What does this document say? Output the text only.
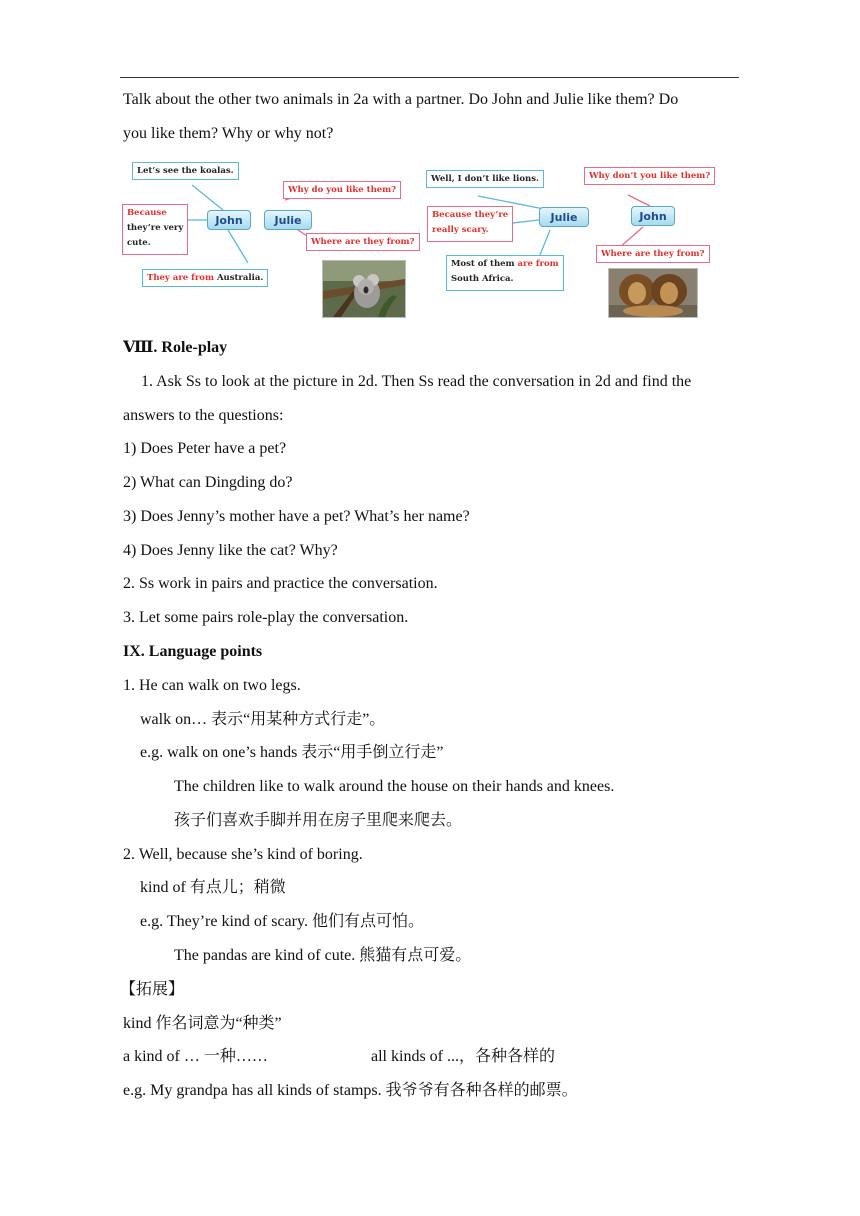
Talk about the other two animals in 2a with a partner. Do John and Julie like them? Do
you like them? Why or why not?
Let’s see the koalas.
Because
they’re very
cute.
John	Julie
Why do you like them?
Where are they from?
They are from Australia.
Well, I don’t like lions.
Because they’re
really scary.
Julie	John
Most of them are from
South Africa.
Why don’t you like them?
Where are they from?
Ⅷ. Role-play
1. Ask Ss to look at the picture in 2d. Then Ss read the conversation in 2d and find the
answers to the questions:
1) Does Peter have a pet?
2) What can Dingding do?
3) Does Jenny’s mother have a pet? What’s her name?
4) Does Jenny like the cat? Why?
2. Ss work in pairs and practice the conversation.
3. Let some pairs role-play the conversation.
IX. Language points
1. He can walk on two legs.
walk on… 表示“用某种方式行走”。
e.g. walk on one’s hands 表示“用手倒立行走”
The children like to walk around the house on their hands and knees.
孩子们喜欢手脚并用在房子里爬来爬去。
2. Well, because she’s kind of boring.
kind of 有点儿；稍微
e.g. They’re kind of scary. 他们有点可怕。
The pandas are kind of cute. 熊猫有点可爱。
【拓展】
kind 作名词意为“种类”
a kind of … 一种……	all kinds of ...，各种各样的
e.g. My grandpa has all kinds of stamps. 我爷爷有各种各样的邮票。
